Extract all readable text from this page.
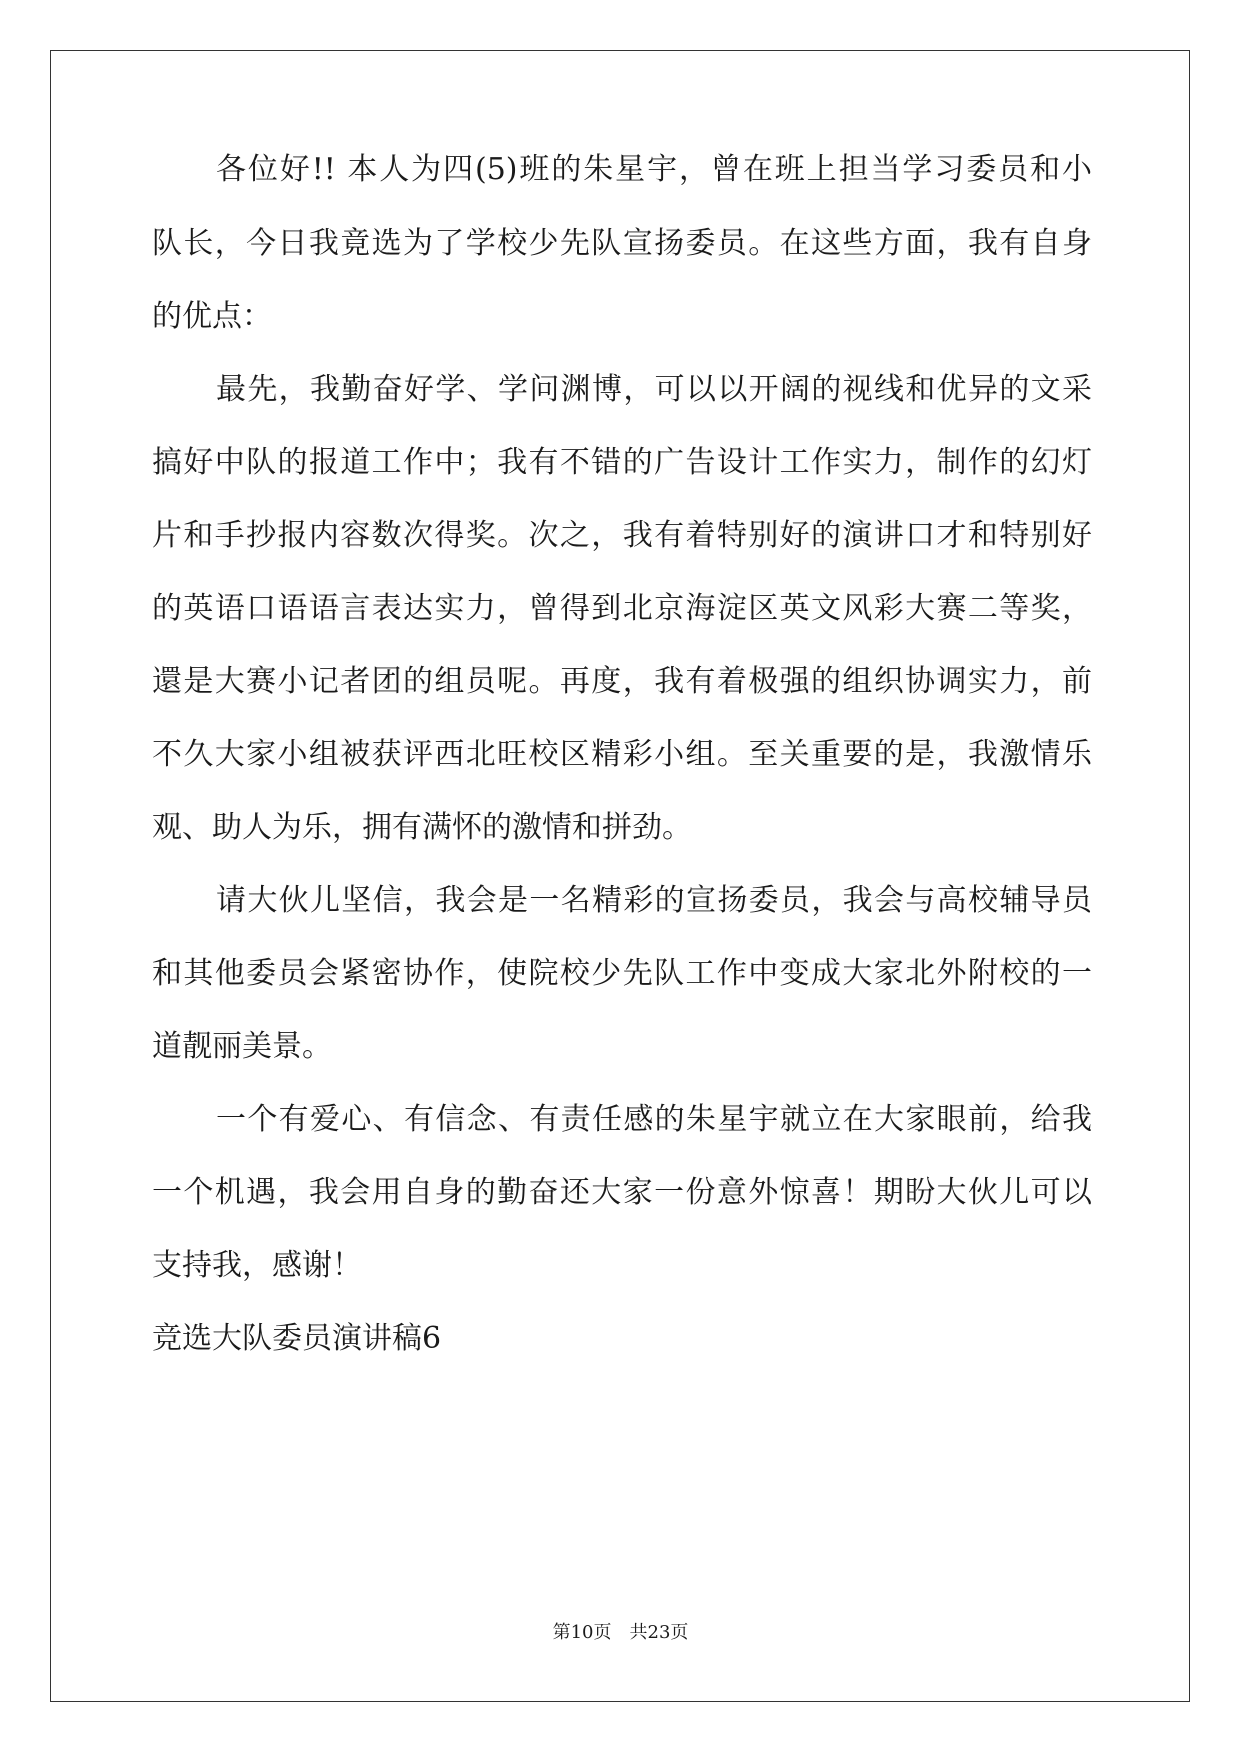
各位好!! 本人为四(5)班的朱星宇，曾在班上担当学习委员和小
队长，今日我竟选为了学校少先队宣扬委员。在这些方面，我有自身
的优点：
最先，我勤奋好学、学问渊博，可以以开阔的视线和优异的文采
搞好中队的报道工作中；我有不错的广告设计工作实力，制作的幻灯
片和手抄报内容数次得奖。次之，我有着特别好的演讲口才和特别好
的英语口语语言表达实力，曾得到北京海淀区英文风彩大赛二等奖，
還是大赛小记者团的组员呢。再度，我有着极强的组织协调实力，前
不久大家小组被获评西北旺校区精彩小组。至关重要的是，我激情乐
观、助人为乐，拥有满怀的激情和拼劲。
请大伙儿坚信，我会是一名精彩的宣扬委员，我会与高校辅导员
和其他委员会紧密协作，使院校少先队工作中变成大家北外附校的一
道靓丽美景。
一个有爱心、有信念、有责任感的朱星宇就立在大家眼前，给我
一个机遇，我会用自身的勤奋还大家一份意外惊喜！期盼大伙儿可以
支持我，感谢！
竞选大队委员演讲稿6
第10页　共23页
